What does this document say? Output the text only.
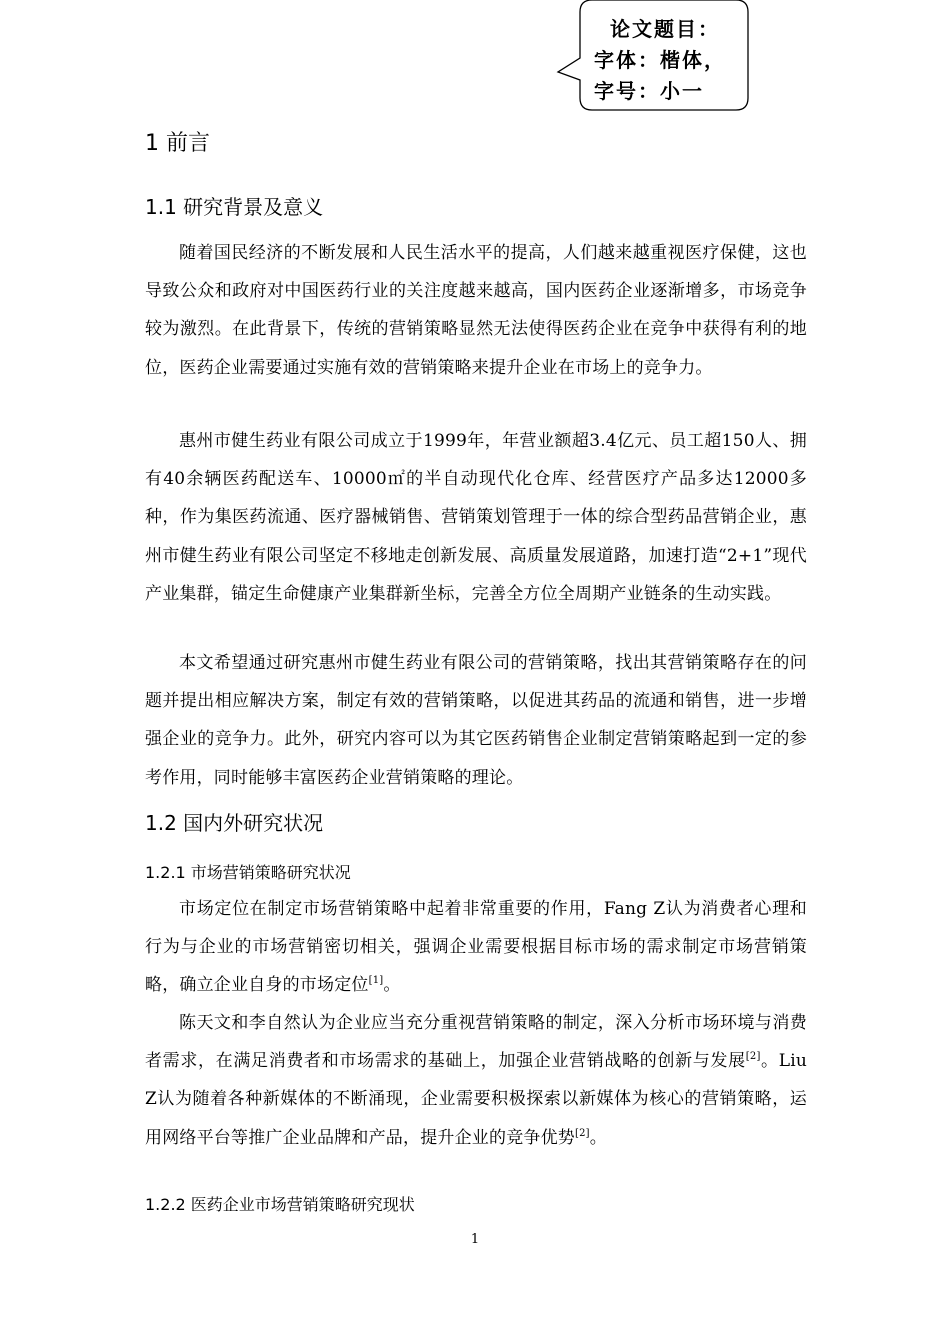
论文题目：
字体：楷体，
字号：小一
1 前言
1.1 研究背景及意义
随着国民经济的不断发展和人民生活水平的提高，人们越来越重视医疗保健，这也导致公众和政府对中国医药行业的关注度越来越高，国内医药企业逐渐增多，市场竞争较为激烈。在此背景下，传统的营销策略显然无法使得医药企业在竞争中获得有利的地位，医药企业需要通过实施有效的营销策略来提升企业在市场上的竞争力。
惠州市健生药业有限公司成立于1999年，年营业额超3.4亿元、员工超150人、拥有40余辆医药配送车、10000㎡的半自动现代化仓库、经营医疗产品多达12000多种，作为集医药流通、医疗器械销售、营销策划管理于一体的综合型药品营销企业，惠州市健生药业有限公司坚定不移地走创新发展、高质量发展道路，加速打造“2+1”现代产业集群，锚定生命健康产业集群新坐标，完善全方位全周期产业链条的生动实践。
本文希望通过研究惠州市健生药业有限公司的营销策略，找出其营销策略存在的问题并提出相应解决方案，制定有效的营销策略，以促进其药品的流通和销售，进一步增强企业的竞争力。此外，研究内容可以为其它医药销售企业制定营销策略起到一定的参考作用，同时能够丰富医药企业营销策略的理论。
1.2 国内外研究状况
1.2.1 市场营销策略研究状况
市场定位在制定市场营销策略中起着非常重要的作用，Fang Z认为消费者心理和行为与企业的市场营销密切相关，强调企业需要根据目标市场的需求制定市场营销策略，确立企业自身的市场定位[1]。
陈天文和李自然认为企业应当充分重视营销策略的制定，深入分析市场环境与消费者需求，在满足消费者和市场需求的基础上，加强企业营销战略的创新与发展[2]。Liu Z认为随着各种新媒体的不断涌现，企业需要积极探索以新媒体为核心的营销策略，运用网络平台等推广企业品牌和产品，提升企业的竞争优势[2]。
1.2.2 医药企业市场营销策略研究现状
1
